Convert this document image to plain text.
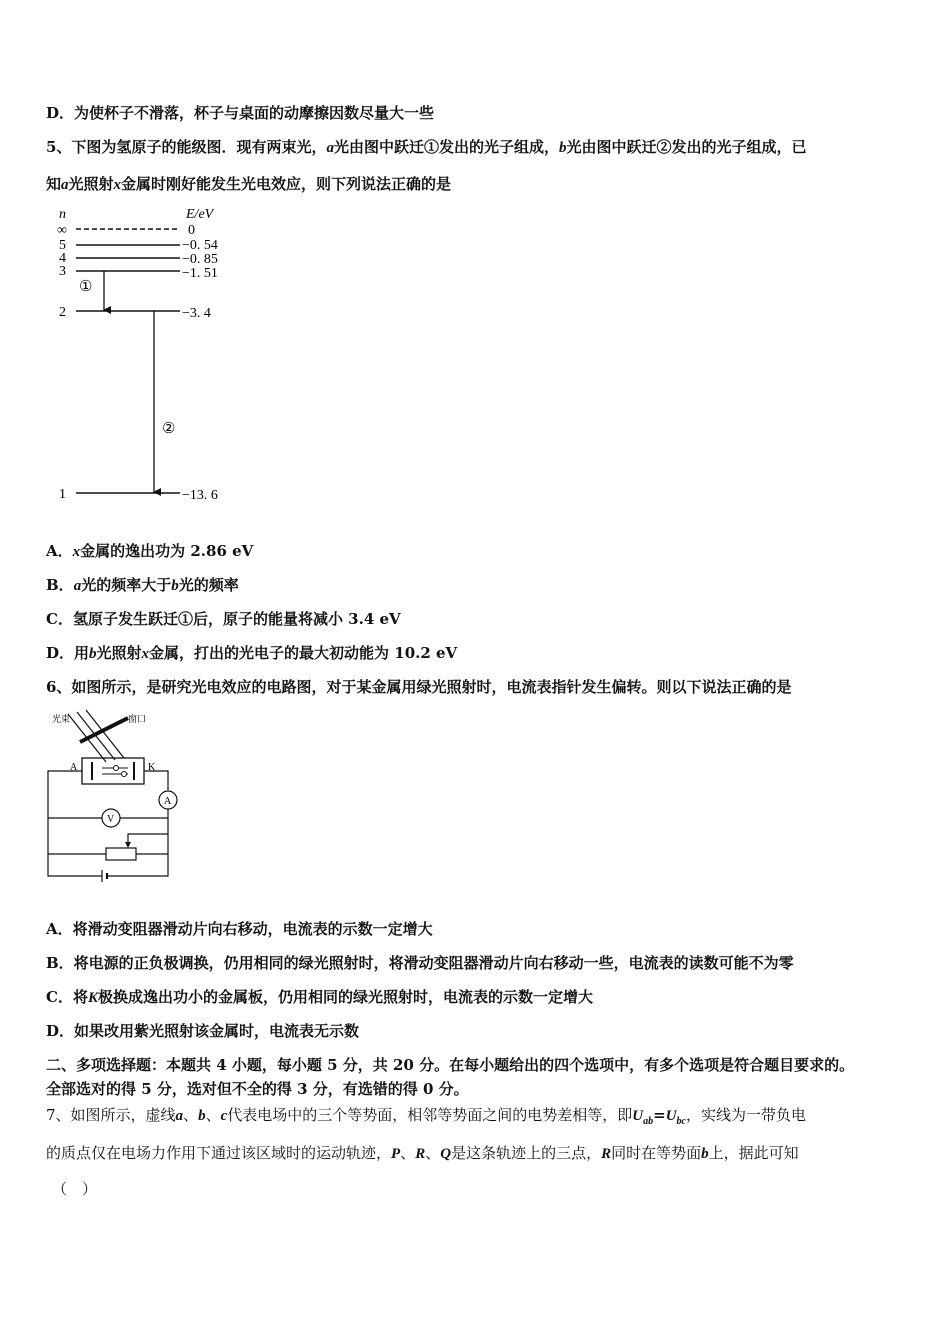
D．为使杯子不滑落，杯子与桌面的动摩擦因数尽量大一些
5、下图为氢原子的能级图．现有两束光，a光由图中跃迁①发出的光子组成，b光由图中跃迁②发出的光子组成，已
知a光照射x金属时刚好能发生光电效应，则下列说法正确的是
n	E/eV
∞	0
5	−0. 54
4	−0. 85
3	−1. 51
2	−3. 4
1	−13. 6
①
②
A．x金属的逸出功为 2.86 eV
B．a光的频率大于b光的频率
C．氢原子发生跃迁①后，原子的能量将减小 3.4 eV
D．用b光照射x金属，打出的光电子的最大初动能为 10.2 eV
6、如图所示，是研究光电效应的电路图，对于某金属用绿光照射时，电流表指针发生偏转。则以下说法正确的是
光束	窗口
A	K
A
V
A．将滑动变阻器滑动片向右移动，电流表的示数一定增大
B．将电源的正负极调换，仍用相同的绿光照射时，将滑动变阻器滑动片向右移动一些，电流表的读数可能不为零
C．将K极换成逸出功小的金属板，仍用相同的绿光照射时，电流表的示数一定增大
D．如果改用紫光照射该金属时，电流表无示数
二、多项选择题：本题共 4 小题，每小题 5 分，共 20 分。在每小题给出的四个选项中，有多个选项是符合题目要求的。
全部选对的得 5 分，选对但不全的得 3 分，有选错的得 0 分。
7、如图所示，虚线a、b、c代表电场中的三个等势面，相邻等势面之间的电势差相等，即$U_{ab}=U_{bc}$，实线为一带负电
的质点仅在电场力作用下通过该区域时的运动轨迹，P、R、Q是这条轨迹上的三点，R同时在等势面b上，据此可知
（　）
